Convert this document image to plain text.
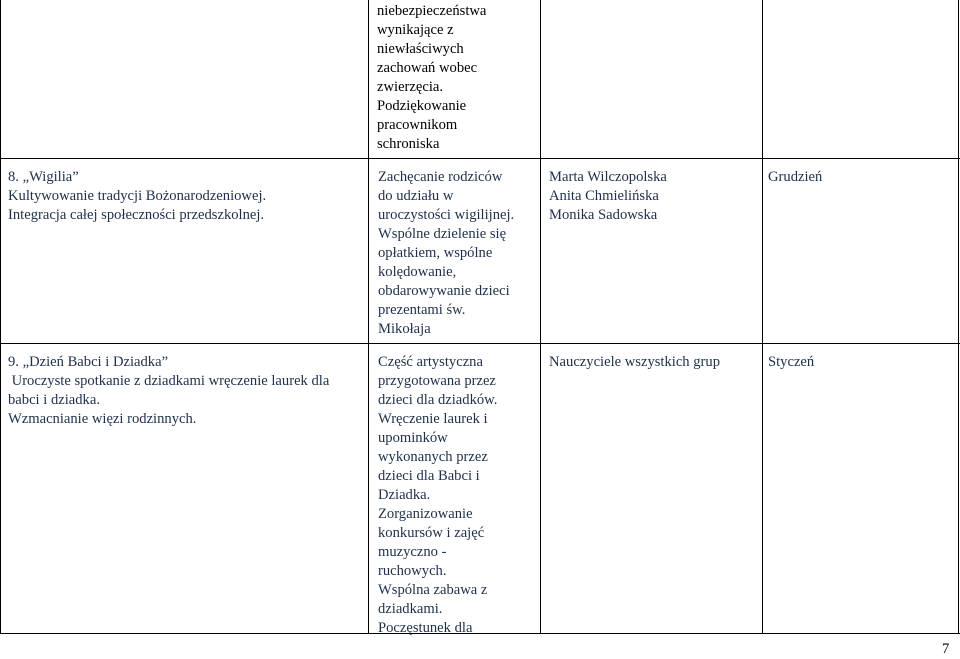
niebezpieczeństwa
wynikające z
niewłaściwych
zachowań wobec
zwierzęcia.
Podziękowanie
pracownikom
schroniska
8. „Wigilia”
Kultywowanie tradycji Bożonarodzeniowej.
Integracja całej społeczności przedszkolnej.
Zachęcanie rodziców
do udziału w
uroczystości wigilijnej.
Wspólne dzielenie się
opłatkiem, wspólne
kolędowanie,
obdarowywanie dzieci
prezentami św.
Mikołaja
Marta Wilczopolska
Anita Chmielińska
Monika Sadowska
Grudzień
9. „Dzień Babci i Dziadka”
Uroczyste spotkanie z dziadkami wręczenie laurek dla
babci i dziadka.
Wzmacnianie więzi rodzinnych.
Część artystyczna
przygotowana przez
dzieci dla dziadków.
Wręczenie laurek i
upominków
wykonanych przez
dzieci dla Babci i
Dziadka.
Zorganizowanie
konkursów i zajęć
muzyczno -
ruchowych.
Wspólna zabawa z
dziadkami.
Poczęstunek dla
Nauczyciele wszystkich grup	Styczeń
7
